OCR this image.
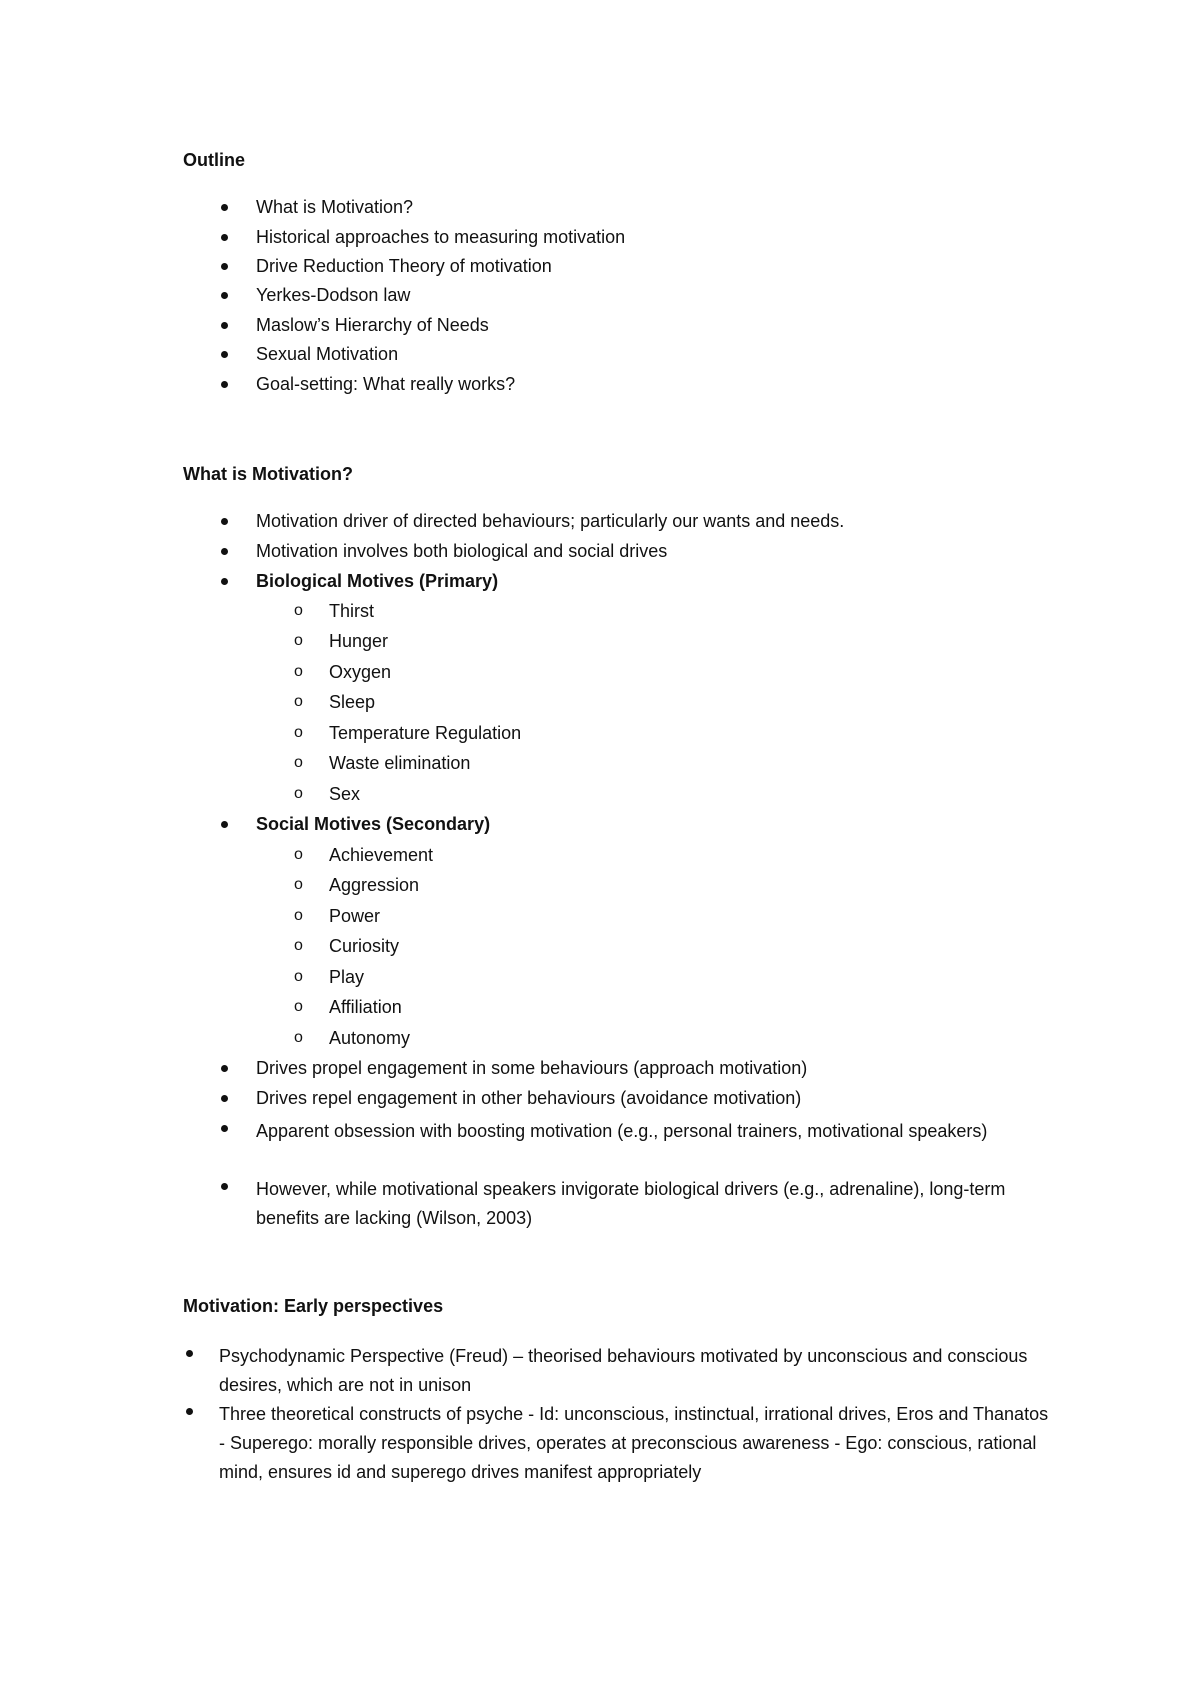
Outline
What is Motivation?
Historical approaches to measuring motivation
Drive Reduction Theory of motivation
Yerkes-Dodson law
Maslow’s Hierarchy of Needs
Sexual Motivation
Goal-setting: What really works?
What is Motivation?
Motivation driver of directed behaviours; particularly our wants and needs.
Motivation involves both biological and social drives
Biological Motives (Primary)
o Thirst
o Hunger
o Oxygen
o Sleep
o Temperature Regulation
o Waste elimination
o Sex
Social Motives (Secondary)
o Achievement
o Aggression
o Power
o Curiosity
o Play
o Affiliation
o Autonomy
Drives propel engagement in some behaviours (approach motivation)
Drives repel engagement in other behaviours (avoidance motivation)
Apparent obsession with boosting motivation (e.g., personal trainers, motivational speakers)
However, while motivational speakers invigorate biological drivers (e.g., adrenaline), long-term benefits are lacking (Wilson, 2003)
Motivation: Early perspectives
Psychodynamic Perspective (Freud) – theorised behaviours motivated by unconscious and conscious desires, which are not in unison
Three theoretical constructs of psyche - Id: unconscious, instinctual, irrational drives, Eros and Thanatos - Superego: morally responsible drives, operates at preconscious awareness - Ego: conscious, rational mind, ensures id and superego drives manifest appropriately
